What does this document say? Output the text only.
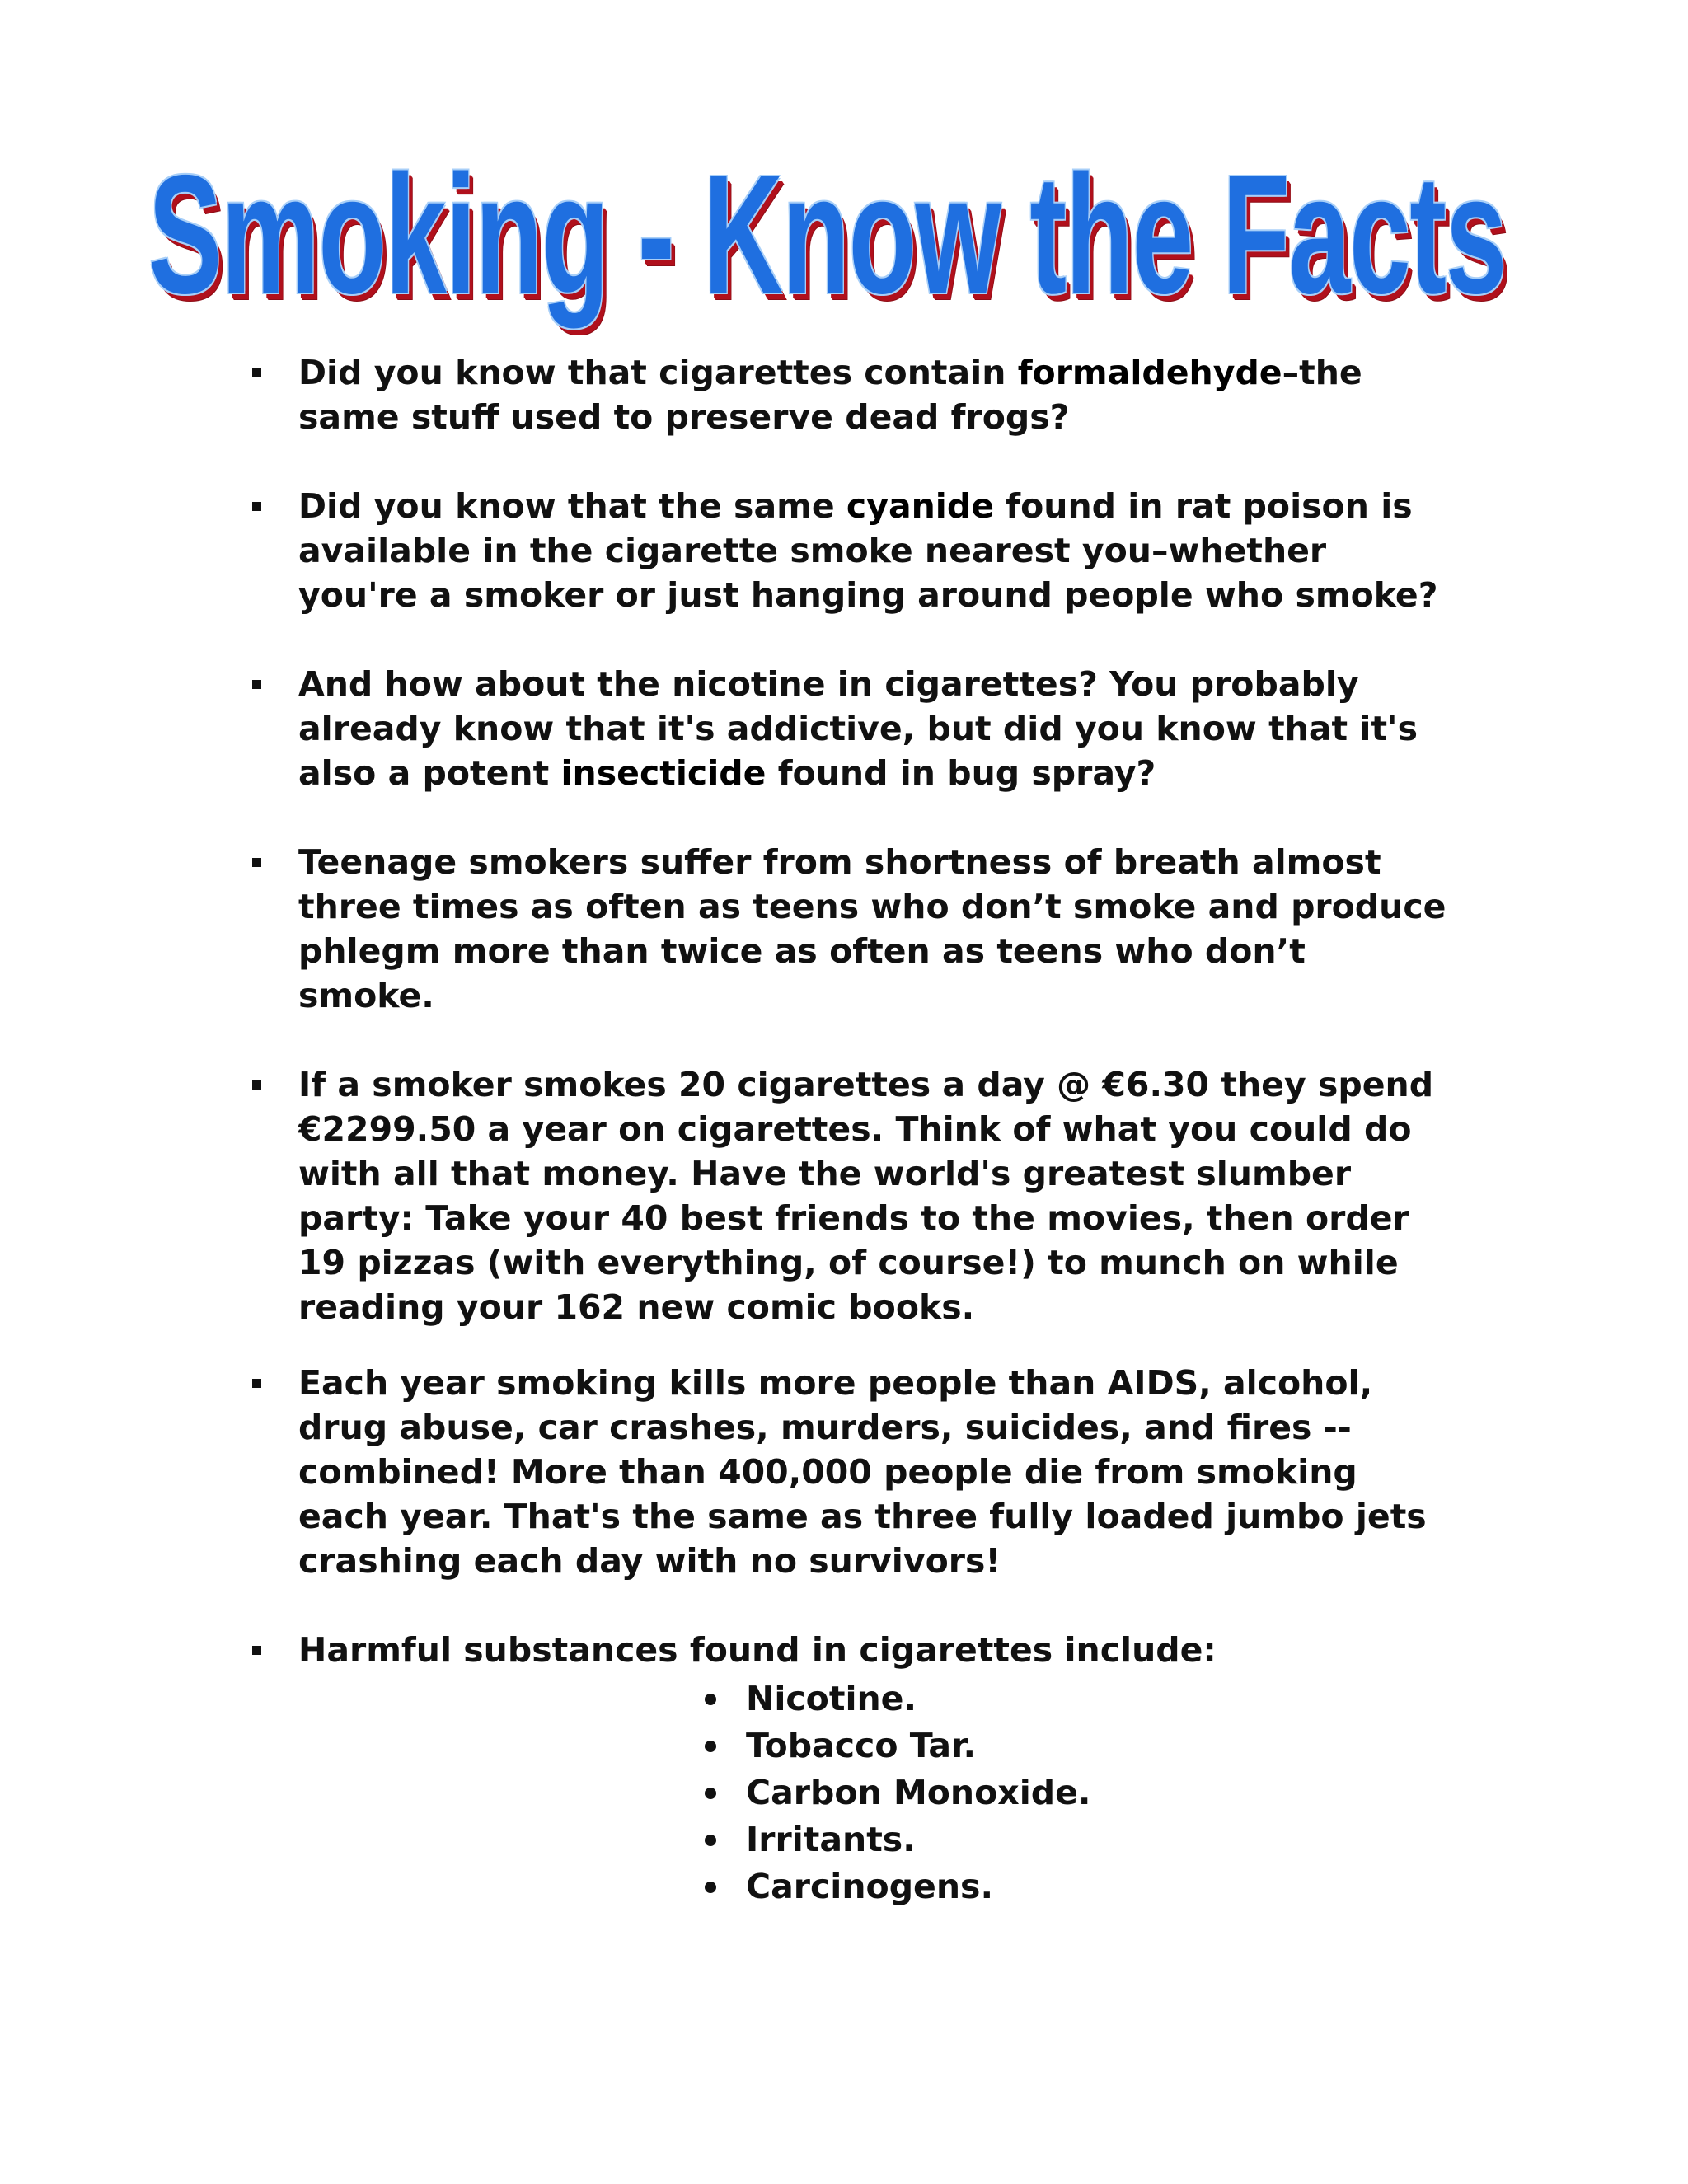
Smoking - Know the Facts
Did you know that cigarettes contain formaldehyde–the same stuff used to preserve dead frogs?
Did you know that the same cyanide found in rat poison is available in the cigarette smoke nearest you–whether you're a smoker or just hanging around people who smoke?
And how about the nicotine in cigarettes? You probably already know that it's addictive, but did you know that it's also a potent insecticide found in bug spray?
Teenage smokers suffer from shortness of breath almost three times as often as teens who don’t smoke and produce phlegm more than twice as often as teens who don’t smoke.
If a smoker smokes 20 cigarettes a day @ €6.30 they spend €2299.50 a year on cigarettes. Think of what you could do with all that money. Have the world's greatest slumber party: Take your 40 best friends to the movies, then order 19 pizzas (with everything, of course!) to munch on while reading your 162 new comic books.
Each year smoking kills more people than AIDS, alcohol, drug abuse, car crashes, murders, suicides, and fires -- combined! More than 400,000 people die from smoking each year. That's the same as three fully loaded jumbo jets crashing each day with no survivors!
Harmful substances found in cigarettes include:
Nicotine.
Tobacco Tar.
Carbon Monoxide.
Irritants.
Carcinogens.
